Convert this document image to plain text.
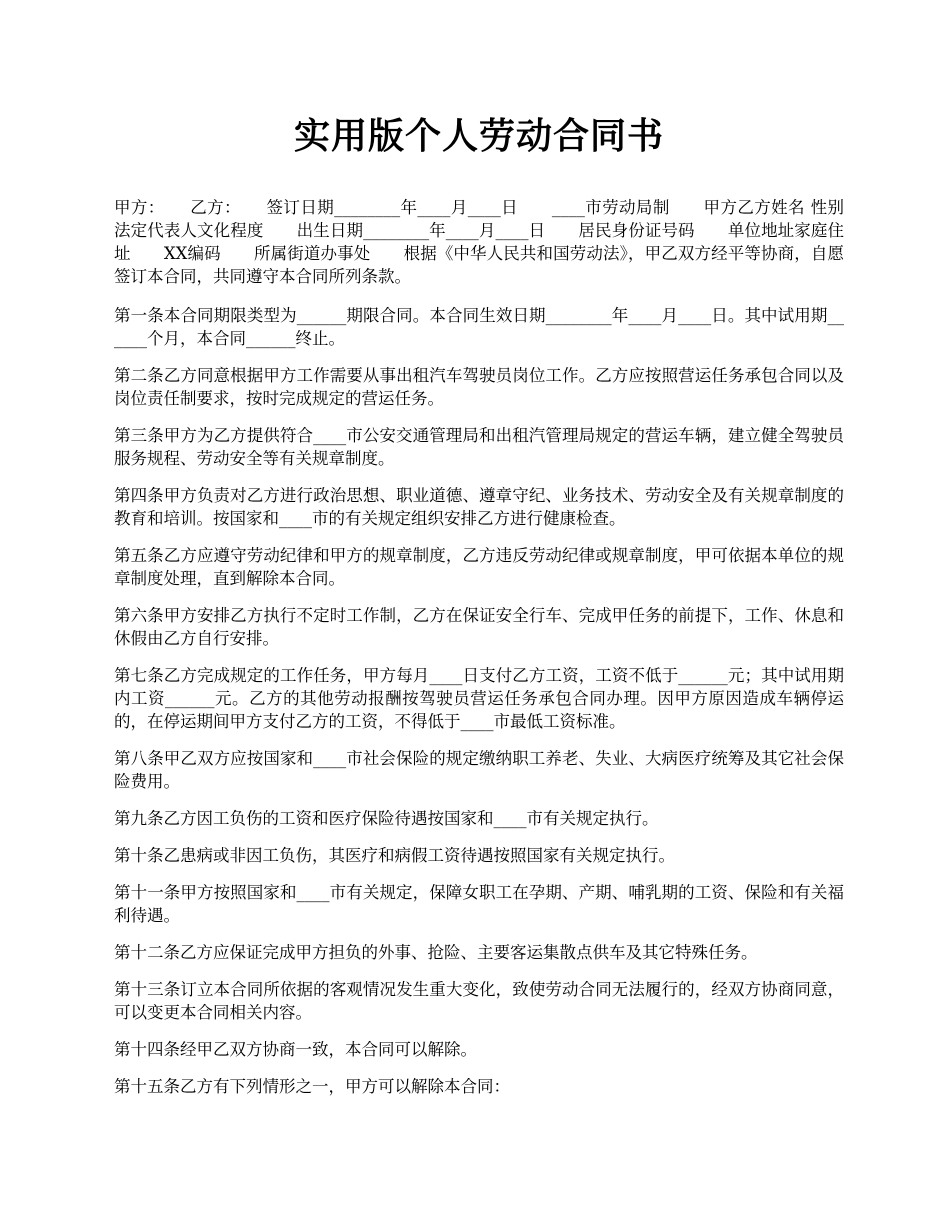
实用版个人劳动合同书

甲方：　　乙方：　　签订日期________年____月____日　　____市劳动局制　　甲方乙方姓名 性别　　法定代表人文化程度　　出生日期________年____月____日　　居民身份证号码　　单位地址家庭住址　　XX编码　　所属街道办事处　　根据《中华人民共和国劳动法》，甲乙双方经平等协商，自愿签订本合同，共同遵守本合同所列条款。

第一条本合同期限类型为______期限合同。本合同生效日期________年____月____日。其中试用期______个月，本合同______终止。

第二条乙方同意根据甲方工作需要从事出租汽车驾驶员岗位工作。乙方应按照营运任务承包合同以及岗位责任制要求，按时完成规定的营运任务。

第三条甲方为乙方提供符合____市公安交通管理局和出租汽管理局规定的营运车辆，建立健全驾驶员服务规程、劳动安全等有关规章制度。

第四条甲方负责对乙方进行政治思想、职业道德、遵章守纪、业务技术、劳动安全及有关规章制度的教育和培训。按国家和____市的有关规定组织安排乙方进行健康检查。

第五条乙方应遵守劳动纪律和甲方的规章制度，乙方违反劳动纪律或规章制度，甲可依据本单位的规章制度处理，直到解除本合同。

第六条甲方安排乙方执行不定时工作制，乙方在保证安全行车、完成甲任务的前提下，工作、休息和休假由乙方自行安排。

第七条乙方完成规定的工作任务，甲方每月____日支付乙方工资，工资不低于______元；其中试用期内工资______元。乙方的其他劳动报酬按驾驶员营运任务承包合同办理。因甲方原因造成车辆停运的，在停运期间甲方支付乙方的工资，不得低于____市最低工资标准。

第八条甲乙双方应按国家和____市社会保险的规定缴纳职工养老、失业、大病医疗统筹及其它社会保险费用。

第九条乙方因工负伤的工资和医疗保险待遇按国家和____市有关规定执行。

第十条乙患病或非因工负伤，其医疗和病假工资待遇按照国家有关规定执行。

第十一条甲方按照国家和____市有关规定，保障女职工在孕期、产期、哺乳期的工资、保险和有关福利待遇。

第十二条乙方应保证完成甲方担负的外事、抢险、主要客运集散点供车及其它特殊任务。

第十三条订立本合同所依据的客观情况发生重大变化，致使劳动合同无法履行的，经双方协商同意，可以变更本合同相关内容。

第十四条经甲乙双方协商一致，本合同可以解除。

第十五条乙方有下列情形之一，甲方可以解除本合同：
